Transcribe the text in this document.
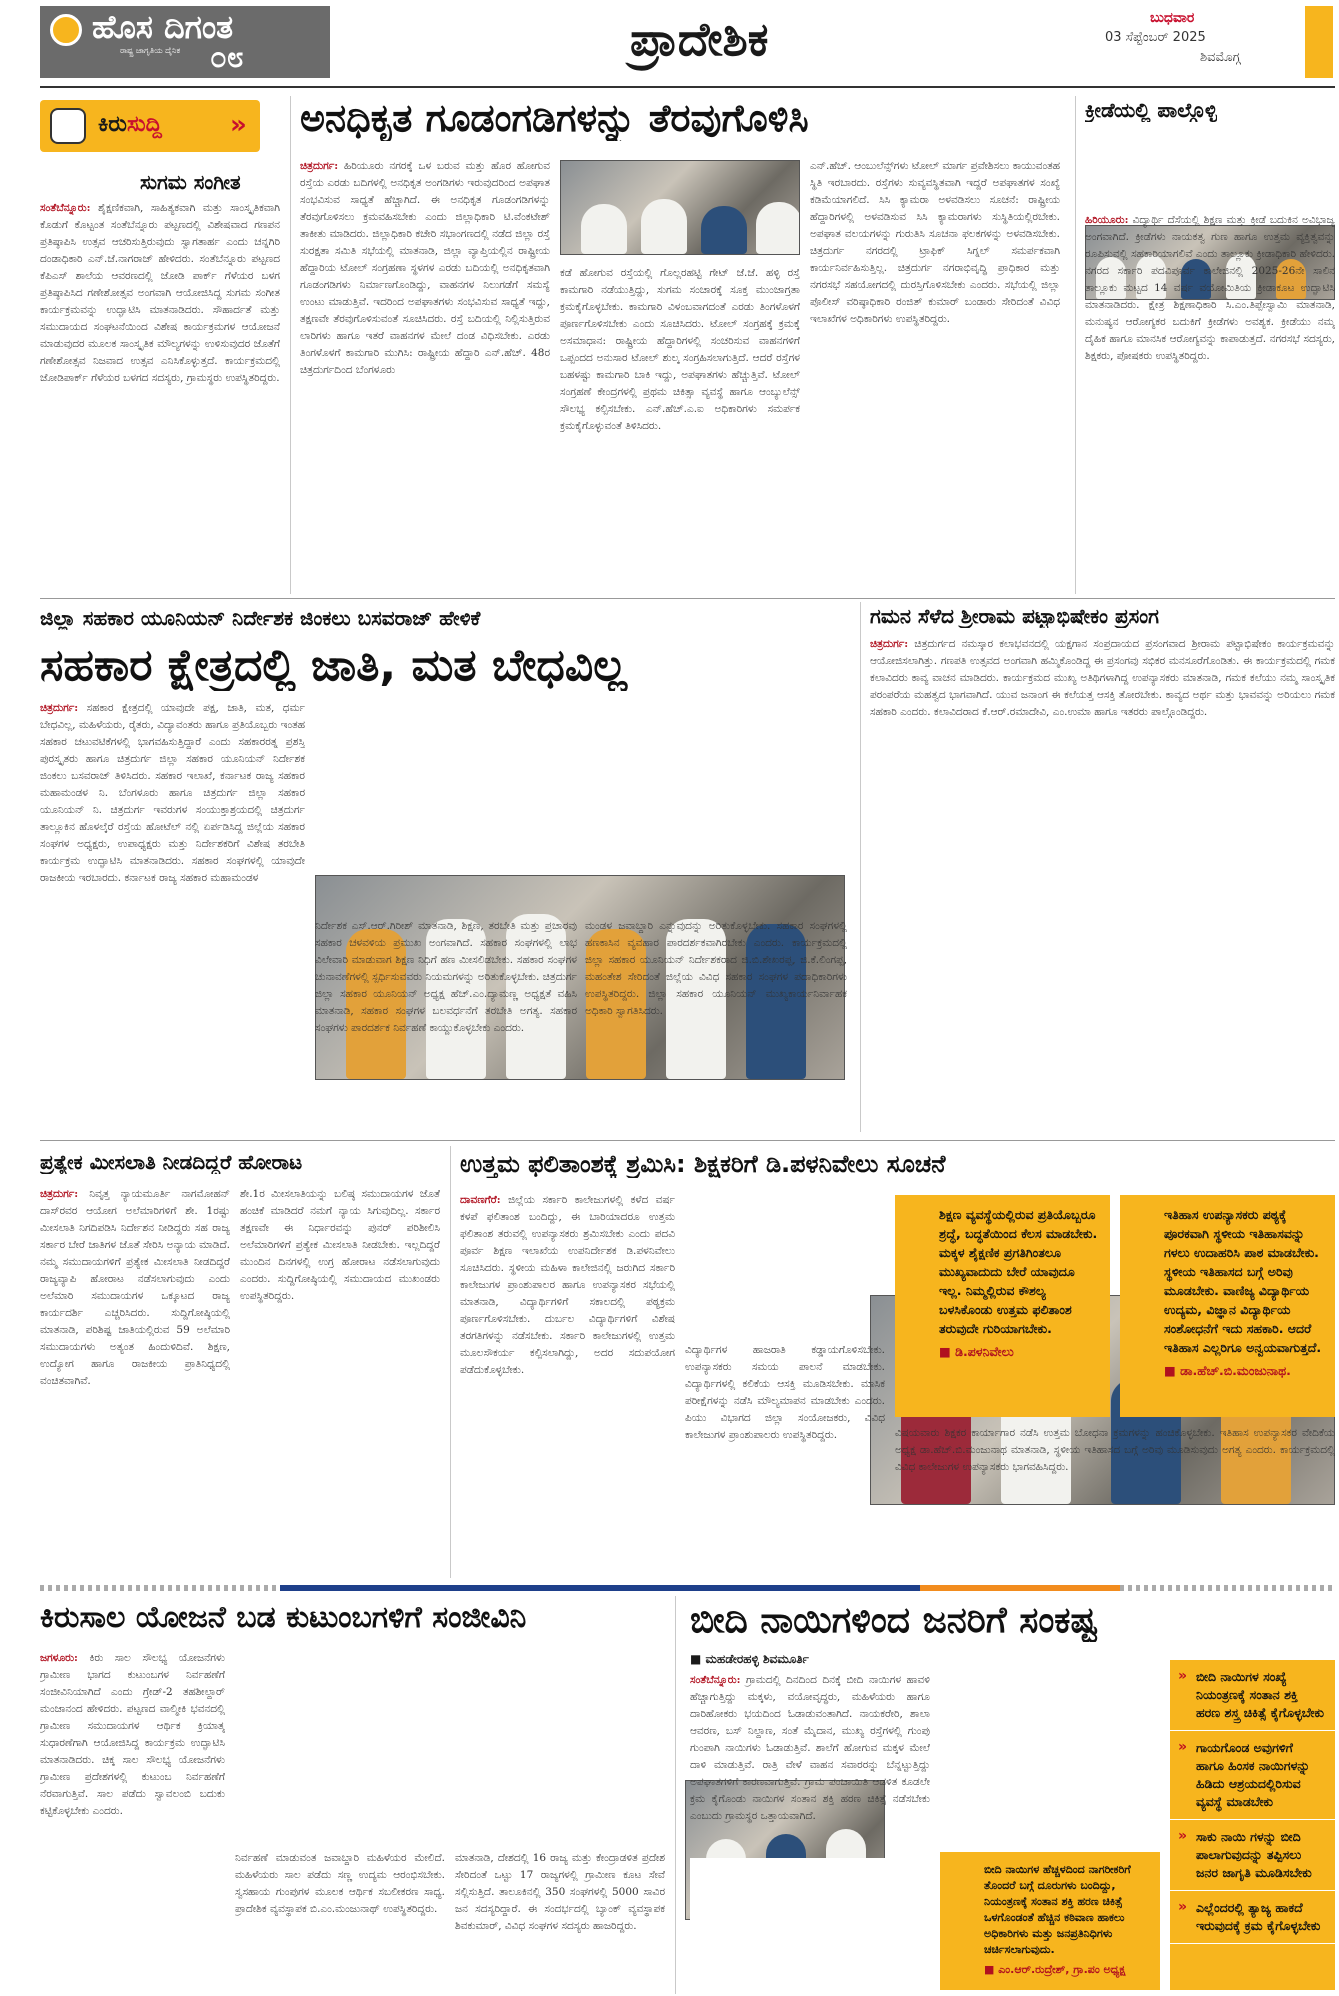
ಹೊಸ ದಿಗಂತ
ರಾಷ್ಟ್ರ ಜಾಗೃತಿಯ ದೈನಿಕ ೦೮	ಪ್ರಾದೇಶಿಕ	ಬುಧವಾರ
03 ಸೆಪ್ಟೆಂಬರ್ 2025
ಶಿವಮೊಗ್ಗ
ಕಿರುಸುದ್ದಿ	»
ಸುಗಮ ಸಂಗೀತ
ಸಂತೆಬೆನ್ನೂರು: ಶೈಕ್ಷಣಿಕವಾಗಿ, ಸಾಹಿತ್ಯಕವಾಗಿ ಮತ್ತು ಸಾಂಸ್ಕೃತಿಕವಾಗಿ ಕೊಡುಗೆ ಕೊಟ್ಟಂತ ಸಂತೆಬೆನ್ನೂರು ಪಟ್ಟಣದಲ್ಲಿ ವಿಶೇಷವಾದ ಗಣಪನ ಪ್ರತಿಷ್ಠಾಪಿಸಿ ಉತ್ಸವ ಆಚರಿಸುತ್ತಿರುವುದು ಸ್ವಾಗತಾರ್ಹ ಎಂದು ಚನ್ನಗಿರಿ ದಂಡಾಧಿಕಾರಿ ಎನ್.ಜೆ.ನಾಗರಾಜ್ ಹೇಳಿದರು. ಸಂತೆಬೆನ್ನೂರು ಪಟ್ಟಣದ ಕೆಪಿಎಸ್ ಶಾಲೆಯ ಆವರಣದಲ್ಲಿ ಜೋಡಿ ಪಾರ್ಕ್ ಗೆಳೆಯರ ಬಳಗ ಪ್ರತಿಷ್ಠಾಪಿಸಿದ ಗಣೇಶೋತ್ಸವ ಅಂಗವಾಗಿ ಆಯೋಜಿಸಿದ್ದ ಸುಗಮ ಸಂಗೀತ ಕಾರ್ಯಕ್ರಮವನ್ನು ಉದ್ಘಾಟಿಸಿ ಮಾತನಾಡಿದರು. ಸೌಹಾರ್ದತೆ ಮತ್ತು ಸಮುದಾಯದ ಸಂಘಟನೆಯಿಂದ ವಿಶೇಷ ಕಾರ್ಯಕ್ರಮಗಳ ಆಯೋಜನೆ ಮಾಡುವುದರ ಮೂಲಕ ಸಾಂಸ್ಕೃತಿಕ ಮೌಲ್ಯಗಳನ್ನು ಉಳಿಸುವುದರ ಜೊತೆಗೆ ಗಣೇಶೋತ್ಸವ ನಿಜವಾದ ಉತ್ಸವ ಎನಿಸಿಕೊಳ್ಳುತ್ತದೆ. ಕಾರ್ಯಕ್ರಮದಲ್ಲಿ ಜೋಡಿಪಾರ್ಕ್ ಗೆಳೆಯರ ಬಳಗದ ಸದಸ್ಯರು, ಗ್ರಾಮಸ್ಥರು ಉಪಸ್ಥಿತರಿದ್ದರು.
ಅನಧಿಕೃತ ಗೂಡಂಗಡಿಗಳನ್ನು ತೆರವುಗೊಳಿಸಿ
ಚಿತ್ರದುರ್ಗ: ಹಿರಿಯೂರು ನಗರಕ್ಕೆ ಒಳ ಬರುವ ಮತ್ತು ಹೊರ ಹೋಗುವ ರಸ್ತೆಯ ಎರಡು ಬದಿಗಳಲ್ಲಿ ಅನಧಿಕೃತ ಅಂಗಡಿಗಳು ಇರುವುದರಿಂದ ಅಪಘಾತ ಸಂಭವಿಸುವ ಸಾಧ್ಯತೆ ಹೆಚ್ಚಾಗಿದೆ. ಈ ಅನಧಿಕೃತ ಗೂಡಂಗಡಿಗಳನ್ನು ತೆರವುಗೊಳಿಸಲು ಕ್ರಮವಹಿಸಬೇಕು ಎಂದು ಜಿಲ್ಲಾಧಿಕಾರಿ ಟಿ.ವೆಂಕಟೇಶ್ ತಾಕೀತು ಮಾಡಿದರು. ಜಿಲ್ಲಾಧಿಕಾರಿ ಕಚೇರಿ ಸಭಾಂಗಣದಲ್ಲಿ ನಡೆದ ಜಿಲ್ಲಾ ರಸ್ತೆ ಸುರಕ್ಷತಾ ಸಮಿತಿ ಸಭೆಯಲ್ಲಿ ಮಾತನಾಡಿ, ಜಿಲ್ಲಾ ವ್ಯಾಪ್ತಿಯಲ್ಲಿನ ರಾಷ್ಟ್ರೀಯ ಹೆದ್ದಾರಿಯ ಟೋಲ್ ಸಂಗ್ರಹಣಾ ಸ್ಥಳಗಳ ಎರಡು ಬದಿಯಲ್ಲಿ ಅನಧಿಕೃತವಾಗಿ ಗೂಡಂಗಡಿಗಳು ನಿರ್ಮಾಣಗೊಂಡಿದ್ದು, ವಾಹನಗಳ ನಿಲುಗಡೆಗೆ ಸಮಸ್ಯೆ ಉಂಟು ಮಾಡುತ್ತಿವೆ. ಇದರಿಂದ ಅಪಘಾತಗಳು ಸಂಭವಿಸುವ ಸಾಧ್ಯತೆ ಇದ್ದು, ತಕ್ಷಣವೇ ತೆರವುಗೊಳಿಸುವಂತೆ ಸೂಚಿಸಿದರು. ರಸ್ತೆ ಬದಿಯಲ್ಲಿ ನಿಲ್ಲಿಸುತ್ತಿರುವ ಲಾರಿಗಳು ಹಾಗೂ ಇತರೆ ವಾಹನಗಳ ಮೇಲೆ ದಂಡ ವಿಧಿಸಬೇಕು. ಎರಡು ತಿಂಗಳೊಳಗೆ ಕಾಮಗಾರಿ ಮುಗಿಸಿ: ರಾಷ್ಟ್ರೀಯ ಹೆದ್ದಾರಿ ಎನ್.ಹೆಚ್. 48ರ ಚಿತ್ರದುರ್ಗದಿಂದ ಬೆಂಗಳೂರು
ಕಡೆ ಹೋಗುವ ರಸ್ತೆಯಲ್ಲಿ ಗೊಲ್ಲರಹಟ್ಟಿ ಗೇಟ್ ಜೆ.ಜೆ. ಹಳ್ಳಿ ರಸ್ತೆ ಕಾಮಗಾರಿ ನಡೆಯುತ್ತಿದ್ದು, ಸುಗಮ ಸಂಚಾರಕ್ಕೆ ಸೂಕ್ತ ಮುಂಜಾಗ್ರತಾ ಕ್ರಮಕೈಗೊಳ್ಳಬೇಕು. ಕಾಮಗಾರಿ ವಿಳಂಬವಾಗದಂತೆ ಎರಡು ತಿಂಗಳೊಳಗೆ ಪೂರ್ಣಗೊಳಿಸಬೇಕು ಎಂದು ಸೂಚಿಸಿದರು. ಟೋಲ್ ಸಂಗ್ರಹಕ್ಕೆ ಕ್ರಮಕ್ಕೆ ಅಸಮಾಧಾನ: ರಾಷ್ಟ್ರೀಯ ಹೆದ್ದಾರಿಗಳಲ್ಲಿ ಸಂಚರಿಸುವ ವಾಹನಗಳಿಗೆ ಒಪ್ಪಂದದ ಅನುಸಾರ ಟೋಲ್ ಶುಲ್ಕ ಸಂಗ್ರಹಿಸಲಾಗುತ್ತಿದೆ. ಆದರೆ ರಸ್ತೆಗಳ ಬಹಳಷ್ಟು ಕಾಮಗಾರಿ ಬಾಕಿ ಇದ್ದು, ಅಪಘಾತಗಳು ಹೆಚ್ಚುತ್ತಿವೆ. ಟೋಲ್ ಸಂಗ್ರಹಣೆ ಕೇಂದ್ರಗಳಲ್ಲಿ ಪ್ರಥಮ ಚಿಕಿತ್ಸಾ ವ್ಯವಸ್ಥೆ ಹಾಗೂ ಆಂಬ್ಯುಲೆನ್ಸ್ ಸೌಲಭ್ಯ ಕಲ್ಪಿಸಬೇಕು. ಎನ್.ಹೆಚ್.ಎ.ಐ ಅಧಿಕಾರಿಗಳು ಸಮರ್ಪಕ ಕ್ರಮಕೈಗೊಳ್ಳುವಂತೆ ತಿಳಿಸಿದರು.
ಎನ್.ಹೆಚ್. ಆಂಬುಲೆನ್ಸ್‌ಗಳು ಟೋಲ್ ಮಾರ್ಗ ಪ್ರವೇಶಿಸಲು ಕಾಯುವಂತಹ ಸ್ಥಿತಿ ಇರಬಾರದು. ರಸ್ತೆಗಳು ಸುವ್ಯವಸ್ಥಿತವಾಗಿ ಇದ್ದರೆ ಅಪಘಾತಗಳ ಸಂಖ್ಯೆ ಕಡಿಮೆಯಾಗಲಿದೆ. ಸಿಸಿ ಕ್ಯಾಮರಾ ಅಳವಡಿಸಲು ಸೂಚನೆ: ರಾಷ್ಟ್ರೀಯ ಹೆದ್ದಾರಿಗಳಲ್ಲಿ ಅಳವಡಿಸುವ ಸಿಸಿ ಕ್ಯಾಮರಾಗಳು ಸುಸ್ಥಿತಿಯಲ್ಲಿರಬೇಕು. ಅಪಘಾತ ವಲಯಗಳನ್ನು ಗುರುತಿಸಿ ಸೂಚನಾ ಫಲಕಗಳನ್ನು ಅಳವಡಿಸಬೇಕು. ಚಿತ್ರದುರ್ಗ ನಗರದಲ್ಲಿ ಟ್ರಾಫಿಕ್ ಸಿಗ್ನಲ್ ಸಮರ್ಪಕವಾಗಿ ಕಾರ್ಯನಿರ್ವಹಿಸುತ್ತಿಲ್ಲ. ಚಿತ್ರದುರ್ಗ ನಗರಾಭಿವೃದ್ಧಿ ಪ್ರಾಧಿಕಾರ ಮತ್ತು ನಗರಸಭೆ ಸಹಯೋಗದಲ್ಲಿ ದುರಸ್ತಿಗೊಳಿಸಬೇಕು ಎಂದರು. ಸಭೆಯಲ್ಲಿ ಜಿಲ್ಲಾ ಪೊಲೀಸ್ ವರಿಷ್ಠಾಧಿಕಾರಿ ರಂಜಿತ್ ಕುಮಾರ್ ಬಂಡಾರು ಸೇರಿದಂತೆ ವಿವಿಧ ಇಲಾಖೆಗಳ ಅಧಿಕಾರಿಗಳು ಉಪಸ್ಥಿತರಿದ್ದರು.
ಕ್ರೀಡೆಯಲ್ಲಿ ಪಾಲ್ಗೊಳ್ಳಿ
ಹಿರಿಯೂರು: ವಿದ್ಯಾರ್ಥಿ ದೆಸೆಯಲ್ಲಿ ಶಿಕ್ಷಣ ಮತ್ತು ಕ್ರೀಡೆ ಬದುಕಿನ ಅವಿಭಾಜ್ಯ ಅಂಗವಾಗಿದೆ. ಕ್ರೀಡೆಗಳು ನಾಯಕತ್ವ ಗುಣ ಹಾಗೂ ಉತ್ತಮ ವ್ಯಕ್ತಿತ್ವವನ್ನು ರೂಪಿಸುವಲ್ಲಿ ಸಹಕಾರಿಯಾಗಲಿವೆ ಎಂದು ತಾಲ್ಲೂಕು ಕ್ರೀಡಾಧಿಕಾರಿ ಹೇಳಿದರು. ನಗರದ ಸರ್ಕಾರಿ ಪದವಿಪೂರ್ವ ಕಾಲೇಜಿನಲ್ಲಿ 2025-26ನೇ ಸಾಲಿನ ತಾಲ್ಲೂಕು ಮಟ್ಟದ 14 ವರ್ಷ ವಯೋಮಿತಿಯ ಕ್ರೀಡಾಕೂಟ ಉದ್ಘಾಟಿಸಿ ಮಾತನಾಡಿದರು. ಕ್ಷೇತ್ರ ಶಿಕ್ಷಣಾಧಿಕಾರಿ ಸಿ.ಎಂ.ತಿಪ್ಪೇಸ್ವಾಮಿ ಮಾತನಾಡಿ, ಮನುಷ್ಯನ ಆರೋಗ್ಯಕರ ಬದುಕಿಗೆ ಕ್ರೀಡೆಗಳು ಅವಶ್ಯಕ. ಕ್ರೀಡೆಯು ನಮ್ಮ ದೈಹಿಕ ಹಾಗೂ ಮಾನಸಿಕ ಆರೋಗ್ಯವನ್ನು ಕಾಪಾಡುತ್ತದೆ. ನಗರಸಭೆ ಸದಸ್ಯರು, ಶಿಕ್ಷಕರು, ಪೋಷಕರು ಉಪಸ್ಥಿತರಿದ್ದರು.
ಜಿಲ್ಲಾ ಸಹಕಾರ ಯೂನಿಯನ್ ನಿರ್ದೇಶಕ ಜಿಂಕಲು ಬಸವರಾಜ್ ಹೇಳಿಕೆ
ಸಹಕಾರ ಕ್ಷೇತ್ರದಲ್ಲಿ ಜಾತಿ, ಮತ ಬೇಧವಿಲ್ಲ
ಚಿತ್ರದುರ್ಗ: ಸಹಕಾರ ಕ್ಷೇತ್ರದಲ್ಲಿ ಯಾವುದೇ ಪಕ್ಷ, ಜಾತಿ, ಮತ, ಧರ್ಮ ಬೇಧವಿಲ್ಲ, ಮಹಿಳೆಯರು, ರೈತರು, ವಿದ್ಯಾವಂತರು ಹಾಗೂ ಪ್ರತಿಯೊಬ್ಬರು ಇಂತಹ ಸಹಕಾರ ಚಟುವಟಿಕೆಗಳಲ್ಲಿ ಭಾಗವಹಿಸುತ್ತಿದ್ದಾರೆ ಎಂದು ಸಹಕಾರರತ್ನ ಪ್ರಶಸ್ತಿ ಪುರಸ್ಕೃತರು ಹಾಗೂ ಚಿತ್ರದುರ್ಗ ಜಿಲ್ಲಾ ಸಹಕಾರ ಯೂನಿಯನ್ ನಿರ್ದೇಶಕ ಜಿಂಕಲು ಬಸವರಾಜ್ ತಿಳಿಸಿದರು. ಸಹಕಾರ ಇಲಾಖೆ, ಕರ್ನಾಟಕ ರಾಜ್ಯ ಸಹಕಾರ ಮಹಾಮಂಡಳ ನಿ. ಬೆಂಗಳೂರು ಹಾಗೂ ಚಿತ್ರದುರ್ಗ ಜಿಲ್ಲಾ ಸಹಕಾರ ಯೂನಿಯನ್ ನಿ. ಚಿತ್ರದುರ್ಗ ಇವರುಗಳ ಸಂಯುಕ್ತಾಶ್ರಯದಲ್ಲಿ ಚಿತ್ರದುರ್ಗ ತಾಲ್ಲೂಕಿನ ಹೊಳಲ್ಕೆರೆ ರಸ್ತೆಯ ಹೋಟೆಲ್ ನಲ್ಲಿ ಏರ್ಪಡಿಸಿದ್ದ ಜಿಲ್ಲೆಯ ಸಹಕಾರ ಸಂಘಗಳ ಅಧ್ಯಕ್ಷರು, ಉಪಾಧ್ಯಕ್ಷರು ಮತ್ತು ನಿರ್ದೇಶಕರಿಗೆ ವಿಶೇಷ ತರಬೇತಿ ಕಾರ್ಯಕ್ರಮ ಉದ್ಘಾಟಿಸಿ ಮಾತನಾಡಿದರು. ಸಹಕಾರ ಸಂಘಗಳಲ್ಲಿ ಯಾವುದೇ ರಾಜಕೀಯ ಇರಬಾರದು. ಕರ್ನಾಟಕ ರಾಜ್ಯ ಸಹಕಾರ ಮಹಾಮಂಡಳ
ನಿರ್ದೇಶಕ ಎಸ್.ಆರ್.ಗಿರೀಶ್ ಮಾತನಾಡಿ, ಶಿಕ್ಷಣ, ತರಬೇತಿ ಮತ್ತು ಪ್ರಚಾರವು ಸಹಕಾರ ಚಳವಳಿಯ ಪ್ರಮುಖ ಅಂಗವಾಗಿದೆ. ಸಹಕಾರ ಸಂಘಗಳಲ್ಲಿ ಲಾಭ ವಿಲೇವಾರಿ ಮಾಡುವಾಗ ಶಿಕ್ಷಣ ನಿಧಿಗೆ ಹಣ ಮೀಸಲಿಡಬೇಕು. ಸಹಕಾರ ಸಂಘಗಳ ಚುನಾವಣೆಗಳಲ್ಲಿ ಸ್ಪರ್ಧಿಸುವವರು ನಿಯಮಗಳನ್ನು ಅರಿತುಕೊಳ್ಳಬೇಕು. ಚಿತ್ರದುರ್ಗ ಜಿಲ್ಲಾ ಸಹಕಾರ ಯೂನಿಯನ್ ಅಧ್ಯಕ್ಷ ಹೆಚ್.ಎಂ.ದ್ಯಾಮಣ್ಣ ಅಧ್ಯಕ್ಷತೆ ವಹಿಸಿ ಮಾತನಾಡಿ, ಸಹಕಾರ ಸಂಘಗಳ ಬಲವರ್ಧನೆಗೆ ತರಬೇತಿ ಅಗತ್ಯ. ಸಹಕಾರ ಸಂಘಗಳು ಪಾರದರ್ಶಕ ನಿರ್ವಹಣೆ ಕಾಯ್ದುಕೊಳ್ಳಬೇಕು ಎಂದರು.
ಮಂಡಳ ಜವಾಬ್ದಾರಿ ಎನ್ನುವುದನ್ನು ಅರಿತುಕೊಳ್ಳಬೇಕು. ಸಹಕಾರ ಸಂಘಗಳಲ್ಲಿ ಹಣಕಾಸಿನ ವ್ಯವಹಾರ ಪಾರದರ್ಶಕವಾಗಿರಬೇಕು ಎಂದರು. ಕಾರ್ಯಕ್ರಮದಲ್ಲಿ ಜಿಲ್ಲಾ ಸಹಕಾರ ಯೂನಿಯನ್ ನಿರ್ದೇಶಕರಾದ ಜಿ.ಬಿ.ಶೇಖರಪ್ಪ, ಜಿ.ಕೆ.ಲಿಂಗಪ್ಪ, ಮಹಂತೇಶ ಸೇರಿದಂತೆ ಜಿಲ್ಲೆಯ ವಿವಿಧ ಸಹಕಾರ ಸಂಘಗಳ ಪದಾಧಿಕಾರಿಗಳು ಉಪಸ್ಥಿತರಿದ್ದರು. ಜಿಲ್ಲಾ ಸಹಕಾರ ಯೂನಿಯನ್ ಮುಖ್ಯಕಾರ್ಯನಿರ್ವಾಹಕ ಅಧಿಕಾರಿ ಸ್ವಾಗತಿಸಿದರು.
ಗಮನ ಸೆಳೆದ ಶ್ರೀರಾಮ ಪಟ್ಟಾಭಿಷೇಕಂ ಪ್ರಸಂಗ
ಚಿತ್ರದುರ್ಗ: ಚಿತ್ರದುರ್ಗದ ನಮಸ್ಕಾರ ಕಲಾಭವನದಲ್ಲಿ ಯಕ್ಷಗಾನ ಸಂಪ್ರದಾಯದ ಪ್ರಸಂಗವಾದ ಶ್ರೀರಾಮ ಪಟ್ಟಾಭಿಷೇಕಂ ಕಾರ್ಯಕ್ರಮವನ್ನು ಆಯೋಜಿಸಲಾಗಿತ್ತು. ಗಣಪತಿ ಉತ್ಸವದ ಅಂಗವಾಗಿ ಹಮ್ಮಿಕೊಂಡಿದ್ದ ಈ ಪ್ರಸಂಗವು ಸಭಿಕರ ಮನಸೂರೆಗೊಂಡಿತು. ಈ ಕಾರ್ಯಕ್ರಮದಲ್ಲಿ ಗಮಕ ಕಲಾವಿದರು ಕಾವ್ಯ ವಾಚನ ಮಾಡಿದರು. ಕಾರ್ಯಕ್ರಮದ ಮುಖ್ಯ ಅತಿಥಿಗಳಾಗಿದ್ದ ಉಪನ್ಯಾಸಕರು ಮಾತನಾಡಿ, ಗಮಕ ಕಲೆಯು ನಮ್ಮ ಸಾಂಸ್ಕೃತಿಕ ಪರಂಪರೆಯ ಮಹತ್ವದ ಭಾಗವಾಗಿದೆ. ಯುವ ಜನಾಂಗ ಈ ಕಲೆಯತ್ತ ಆಸಕ್ತಿ ತೋರಬೇಕು. ಕಾವ್ಯದ ಅರ್ಥ ಮತ್ತು ಭಾವವನ್ನು ಅರಿಯಲು ಗಮಕ ಸಹಕಾರಿ ಎಂದರು. ಕಲಾವಿದರಾದ ಕೆ.ಆರ್.ರಮಾದೇವಿ, ಎಂ.ಉಮಾ ಹಾಗೂ ಇತರರು ಪಾಲ್ಗೊಂಡಿದ್ದರು.
ಪ್ರತ್ಯೇಕ ಮೀಸಲಾತಿ ನೀಡದಿದ್ದರೆ ಹೋರಾಟ
ಚಿತ್ರದುರ್ಗ: ನಿವೃತ್ತ ನ್ಯಾಯಮೂರ್ತಿ ನಾಗಮೋಹನ್ ದಾಸ್‌ರವರ ಆಯೋಗ ಅಲೆಮಾರಿಗಳಿಗೆ ಶೇ. 1ರಷ್ಟು ಮೀಸಲಾತಿ ನಿಗದಿಪಡಿಸಿ ನಿರ್ದೇಶನ ನೀಡಿದ್ದರು ಸಹ ರಾಜ್ಯ ಸರ್ಕಾರ ಬೇರೆ ಜಾತಿಗಳ ಜೊತೆ ಸೇರಿಸಿ ಅನ್ಯಾಯ ಮಾಡಿದೆ. ನಮ್ಮ ಸಮುದಾಯಗಳಿಗೆ ಪ್ರತ್ಯೇಕ ಮೀಸಲಾತಿ ನೀಡದಿದ್ದರೆ ರಾಜ್ಯವ್ಯಾಪಿ ಹೋರಾಟ ನಡೆಸಲಾಗುವುದು ಎಂದು ಅಲೆಮಾರಿ ಸಮುದಾಯಗಳ ಒಕ್ಕೂಟದ ರಾಜ್ಯ ಕಾರ್ಯದರ್ಶಿ ಎಚ್ಚರಿಸಿದರು. ಸುದ್ದಿಗೋಷ್ಠಿಯಲ್ಲಿ ಮಾತನಾಡಿ, ಪರಿಶಿಷ್ಟ ಜಾತಿಯಲ್ಲಿರುವ 59 ಅಲೆಮಾರಿ ಸಮುದಾಯಗಳು ಅತ್ಯಂತ ಹಿಂದುಳಿದಿವೆ. ಶಿಕ್ಷಣ, ಉದ್ಯೋಗ ಹಾಗೂ ರಾಜಕೀಯ ಪ್ರಾತಿನಿಧ್ಯದಲ್ಲಿ ವಂಚಿತವಾಗಿವೆ.
ಶೇ.1ರ ಮೀಸಲಾತಿಯನ್ನು ಬಲಿಷ್ಠ ಸಮುದಾಯಗಳ ಜೊತೆ ಹಂಚಿಕೆ ಮಾಡಿದರೆ ನಮಗೆ ನ್ಯಾಯ ಸಿಗುವುದಿಲ್ಲ. ಸರ್ಕಾರ ತಕ್ಷಣವೇ ಈ ನಿರ್ಧಾರವನ್ನು ಪುನರ್ ಪರಿಶೀಲಿಸಿ ಅಲೆಮಾರಿಗಳಿಗೆ ಪ್ರತ್ಯೇಕ ಮೀಸಲಾತಿ ನೀಡಬೇಕು. ಇಲ್ಲದಿದ್ದರೆ ಮುಂದಿನ ದಿನಗಳಲ್ಲಿ ಉಗ್ರ ಹೋರಾಟ ನಡೆಸಲಾಗುವುದು ಎಂದರು. ಸುದ್ದಿಗೋಷ್ಠಿಯಲ್ಲಿ ಸಮುದಾಯದ ಮುಖಂಡರು ಉಪಸ್ಥಿತರಿದ್ದರು.
ಉತ್ತಮ ಫಲಿತಾಂಶಕ್ಕೆ ಶ್ರಮಿಸಿ: ಶಿಕ್ಷಕರಿಗೆ ಡಿ.ಪಳನಿವೇಲು ಸೂಚನೆ
ದಾವಣಗೆರೆ: ಜಿಲ್ಲೆಯ ಸರ್ಕಾರಿ ಕಾಲೇಜುಗಳಲ್ಲಿ ಕಳೆದ ವರ್ಷ ಕಳಪೆ ಫಲಿತಾಂಶ ಬಂದಿದ್ದು, ಈ ಬಾರಿಯಾದರೂ ಉತ್ತಮ ಫಲಿತಾಂಶ ತರುವಲ್ಲಿ ಉಪನ್ಯಾಸಕರು ಶ್ರಮಿಸಬೇಕು ಎಂದು ಪದವಿ ಪೂರ್ವ ಶಿಕ್ಷಣ ಇಲಾಖೆಯ ಉಪನಿರ್ದೇಶಕ ಡಿ.ಪಳನಿವೇಲು ಸೂಚಿಸಿದರು. ಸ್ಥಳೀಯ ಮಹಿಳಾ ಕಾಲೇಜಿನಲ್ಲಿ ಜರುಗಿದ ಸರ್ಕಾರಿ ಕಾಲೇಜುಗಳ ಪ್ರಾಂಶುಪಾಲರ ಹಾಗೂ ಉಪನ್ಯಾಸಕರ ಸಭೆಯಲ್ಲಿ ಮಾತನಾಡಿ, ವಿದ್ಯಾರ್ಥಿಗಳಿಗೆ ಸಕಾಲದಲ್ಲಿ ಪಠ್ಯಕ್ರಮ ಪೂರ್ಣಗೊಳಿಸಬೇಕು. ದುರ್ಬಲ ವಿದ್ಯಾರ್ಥಿಗಳಿಗೆ ವಿಶೇಷ ತರಗತಿಗಳನ್ನು ನಡೆಸಬೇಕು. ಸರ್ಕಾರಿ ಕಾಲೇಜುಗಳಲ್ಲಿ ಉತ್ತಮ ಮೂಲಸೌಕರ್ಯ ಕಲ್ಪಿಸಲಾಗಿದ್ದು, ಅದರ ಸದುಪಯೋಗ ಪಡೆದುಕೊಳ್ಳಬೇಕು.
ವಿದ್ಯಾರ್ಥಿಗಳ ಹಾಜರಾತಿ ಕಡ್ಡಾಯಗೊಳಿಸಬೇಕು. ಉಪನ್ಯಾಸಕರು ಸಮಯ ಪಾಲನೆ ಮಾಡಬೇಕು. ವಿದ್ಯಾರ್ಥಿಗಳಲ್ಲಿ ಕಲಿಕೆಯ ಆಸಕ್ತಿ ಮೂಡಿಸಬೇಕು. ಮಾಸಿಕ ಪರೀಕ್ಷೆಗಳನ್ನು ನಡೆಸಿ ಮೌಲ್ಯಮಾಪನ ಮಾಡಬೇಕು ಎಂದರು. ಪಿಯು ವಿಭಾಗದ ಜಿಲ್ಲಾ ಸಂಯೋಜಕರು, ವಿವಿಧ ಕಾಲೇಜುಗಳ ಪ್ರಾಂಶುಪಾಲರು ಉಪಸ್ಥಿತರಿದ್ದರು.
ಶಿಕ್ಷಣ ವ್ಯವಸ್ಥೆಯಲ್ಲಿರುವ ಪ್ರತಿಯೊಬ್ಬರೂ ಶ್ರದ್ಧೆ, ಬದ್ಧತೆಯಿಂದ ಕೆಲಸ ಮಾಡಬೇಕು. ಮಕ್ಕಳ ಶೈಕ್ಷಣಿಕ ಪ್ರಗತಿಗಿಂತಲೂ ಮುಖ್ಯವಾದುದು ಬೇರೆ ಯಾವುದೂ ಇಲ್ಲ. ನಿಮ್ಮಲ್ಲಿರುವ ಕೌಶಲ್ಯ ಬಳಸಿಕೊಂಡು ಉತ್ತಮ ಫಲಿತಾಂಶ ತರುವುದೇ ಗುರಿಯಾಗಬೇಕು.
■ ಡಿ.ಪಳನಿವೇಲು
ಇತಿಹಾಸ ಉಪನ್ಯಾಸಕರು ಪಠ್ಯಕ್ಕೆ ಪೂರಕವಾಗಿ ಸ್ಥಳೀಯ ಇತಿಹಾಸವನ್ನು ಗಳಲು ಉದಾಹರಿಸಿ ಪಾಠ ಮಾಡಬೇಕು. ಸ್ಥಳೀಯ ಇತಿಹಾಸದ ಬಗ್ಗೆ ಅರಿವು ಮೂಡಬೇಕು. ವಾಣಿಜ್ಯ ವಿದ್ಯಾರ್ಥಿಯ ಉದ್ಯಮ, ವಿಜ್ಞಾನ ವಿದ್ಯಾರ್ಥಿಯ ಸಂಶೋಧನೆಗೆ ಇದು ಸಹಕಾರಿ. ಆದರೆ ಇತಿಹಾಸ ಎಲ್ಲರಿಗೂ ಅನ್ವಯವಾಗುತ್ತದೆ.
■ ಡಾ.ಹೆಚ್.ಬಿ.ಮಂಜುನಾಥ.
ವಿಷಯವಾರು ಶಿಕ್ಷಕರ ಕಾರ್ಯಾಗಾರ ನಡೆಸಿ ಉತ್ತಮ ಬೋಧನಾ ಕ್ರಮಗಳನ್ನು ಹಂಚಿಕೊಳ್ಳಬೇಕು. ಇತಿಹಾಸ ಉಪನ್ಯಾಸಕರ ವೇದಿಕೆಯ ಅಧ್ಯಕ್ಷ ಡಾ.ಹೆಚ್.ಬಿ.ಮಂಜುನಾಥ ಮಾತನಾಡಿ, ಸ್ಥಳೀಯ ಇತಿಹಾಸದ ಬಗ್ಗೆ ಅರಿವು ಮೂಡಿಸುವುದು ಅಗತ್ಯ ಎಂದರು. ಕಾರ್ಯಕ್ರಮದಲ್ಲಿ ವಿವಿಧ ಕಾಲೇಜುಗಳ ಉಪನ್ಯಾಸಕರು ಭಾಗವಹಿಸಿದ್ದರು.
ಕಿರುಸಾಲ ಯೋಜನೆ ಬಡ ಕುಟುಂಬಗಳಿಗೆ ಸಂಜೀವಿನಿ
ಜಗಳೂರು: ಕಿರು ಸಾಲ ಸೌಲಭ್ಯ ಯೋಜನೆಗಳು ಗ್ರಾಮೀಣ ಭಾಗದ ಕುಟುಂಬಗಳ ನಿರ್ವಹಣೆಗೆ ಸಂಜೀವಿನಿಯಾಗಿದೆ ಎಂದು ಗ್ರೇಡ್-2 ತಹಶೀಲ್ದಾರ್ ಮಂಜಾನಂದ ಹೇಳಿದರು. ಪಟ್ಟಣದ ವಾಲ್ಮೀಕಿ ಭವನದಲ್ಲಿ ಗ್ರಾಮೀಣ ಸಮುದಾಯಗಳ ಆರ್ಥಿಕ ಕ್ರಿಯಾತ್ಮ ಸುಧಾರಣೆಗಾಗಿ ಆಯೋಜಿಸಿದ್ದ ಕಾರ್ಯಕ್ರಮ ಉದ್ಘಾಟಿಸಿ ಮಾತನಾಡಿದರು. ಚಿಕ್ಕ ಸಾಲ ಸೌಲಭ್ಯ ಯೋಜನೆಗಳು ಗ್ರಾಮೀಣ ಪ್ರದೇಶಗಳಲ್ಲಿ ಕುಟುಂಬ ನಿರ್ವಹಣೆಗೆ ನೆರವಾಗುತ್ತಿವೆ. ಸಾಲ ಪಡೆದು ಸ್ವಾವಲಂಬಿ ಬದುಕು ಕಟ್ಟಿಕೊಳ್ಳಬೇಕು ಎಂದರು.
ನಿರ್ವಹಣೆ ಮಾಡುವಂತ ಜವಾಬ್ದಾರಿ ಮಹಿಳೆಯರ ಮೇಲಿದೆ. ಮಹಿಳೆಯರು ಸಾಲ ಪಡೆದು ಸಣ್ಣ ಉದ್ಯಮ ಆರಂಭಿಸಬೇಕು. ಸ್ವಸಹಾಯ ಗುಂಪುಗಳ ಮೂಲಕ ಆರ್ಥಿಕ ಸಬಲೀಕರಣ ಸಾಧ್ಯ. ಪ್ರಾದೇಶಿಕ ವ್ಯವಸ್ಥಾಪಕ ಬಿ.ಎಂ.ಮಂಜುನಾಥ್ ಉಪಸ್ಥಿತರಿದ್ದರು.
ಮಾತನಾಡಿ, ದೇಶದಲ್ಲಿ 16 ರಾಜ್ಯ ಮತ್ತು ಕೇಂದ್ರಾಡಳಿತ ಪ್ರದೇಶ ಸೇರಿದಂತೆ ಒಟ್ಟು 17 ರಾಜ್ಯಗಳಲ್ಲಿ ಗ್ರಾಮೀಣ ಕೂಟ ಸೇವೆ ಸಲ್ಲಿಸುತ್ತಿದೆ. ತಾಲೂಕಿನಲ್ಲಿ 350 ಸಂಘಗಳಲ್ಲಿ 5000 ಸಾವಿರ ಜನ ಸದಸ್ಯರಿದ್ದಾರೆ. ಈ ಸಂದರ್ಭದಲ್ಲಿ ಬ್ಯಾಂಕ್ ವ್ಯವಸ್ಥಾಪಕ ಶಿವಕುಮಾರ್, ವಿವಿಧ ಸಂಘಗಳ ಸದಸ್ಯರು ಹಾಜರಿದ್ದರು.
ಬೀದಿ ನಾಯಿಗಳಿಂದ ಜನರಿಗೆ ಸಂಕಷ್ಟ
■ ಮಹಡೇರಹಳ್ಳಿ ಶಿವಮೂರ್ತಿ
ಸಂತೆಬೆನ್ನೂರು: ಗ್ರಾಮದಲ್ಲಿ ದಿನದಿಂದ ದಿನಕ್ಕೆ ಬೀದಿ ನಾಯಿಗಳ ಹಾವಳಿ ಹೆಚ್ಚಾಗುತ್ತಿದ್ದು ಮಕ್ಕಳು, ವಯೋವೃದ್ಧರು, ಮಹಿಳೆಯರು ಹಾಗೂ ದಾರಿಹೋಕರು ಭಯದಿಂದ ಓಡಾಡುವಂತಾಗಿದೆ. ನಾಯಕರೇರಿ, ಶಾಲಾ ಆವರಣ, ಬಸ್ ನಿಲ್ದಾಣ, ಸಂತೆ ಮೈದಾನ, ಮುಖ್ಯ ರಸ್ತೆಗಳಲ್ಲಿ ಗುಂಪು ಗುಂಪಾಗಿ ನಾಯಿಗಳು ಓಡಾಡುತ್ತಿವೆ. ಶಾಲೆಗೆ ಹೋಗುವ ಮಕ್ಕಳ ಮೇಲೆ ದಾಳಿ ಮಾಡುತ್ತಿವೆ. ರಾತ್ರಿ ವೇಳೆ ವಾಹನ ಸವಾರರನ್ನು ಬೆನ್ನಟ್ಟುತ್ತಿದ್ದು ಅಪಘಾತಗಳಿಗೆ ಕಾರಣವಾಗುತ್ತಿವೆ. ಗ್ರಾಮ ಪಂಚಾಯಿತಿ ಆಡಳಿತ ಕೂಡಲೇ ಕ್ರಮ ಕೈಗೊಂಡು ನಾಯಿಗಳ ಸಂತಾನ ಶಕ್ತಿ ಹರಣ ಚಿಕಿತ್ಸೆ ನಡೆಸಬೇಕು ಎಂಬುದು ಗ್ರಾಮಸ್ಥರ ಒತ್ತಾಯವಾಗಿದೆ.
» ಬೀದಿ ನಾಯಿಗಳ ಸಂಖ್ಯೆ ನಿಯಂತ್ರಣಕ್ಕೆ ಸಂತಾನ ಶಕ್ತಿ ಹರಣ ಶಸ್ತ್ರ ಚಿಕಿತ್ಸೆ ಕೈಗೊಳ್ಳಬೇಕು
» ಗಾಯಗೊಂಡ ಅವುಗಳಿಗೆ ಹಾಗೂ ಹಿಂಸಕ ನಾಯಿಗಳನ್ನು ಹಿಡಿದು ಆಶ್ರಯದಲ್ಲಿರಿಸುವ ವ್ಯವಸ್ಥೆ ಮಾಡಬೇಕು
» ಸಾಕು ನಾಯಿ ಗಳನ್ನು ಬೀದಿ ಪಾಲಾಗುವುದನ್ನು ತಪ್ಪಿಸಲು ಜನರ ಜಾಗೃತಿ ಮೂಡಿಸಬೇಕು
» ಎಲ್ಲೆಂದರಲ್ಲಿ ತ್ಯಾಜ್ಯ ಹಾಕದೆ ಇರುವುದಕ್ಕೆ ಕ್ರಮ ಕೈಗೊಳ್ಳಬೇಕು
ಬೀದಿ ನಾಯಿಗಳ ಹೆಚ್ಚಳದಿಂದ ನಾಗರೀಕರಿಗೆ ತೊಂದರೆ ಬಗ್ಗೆ ದೂರುಗಳು ಬಂದಿದ್ದು, ನಿಯಂತ್ರಣಕ್ಕೆ ಸಂತಾನ ಶಕ್ತಿ ಹರಣ ಚಿಕಿತ್ಸೆ ಒಳಗೊಂಡಂತೆ ಹೆಚ್ಚಿನ ಕಠಿವಾಣ ಹಾಕಲು ಅಧಿಕಾರಿಗಳು ಮತ್ತು ಜನಪ್ರತಿನಿಧಿಗಳು ಚರ್ಚಿಸಲಾಗುವುದು.
■ ಎಂ.ಆರ್.ರುದ್ರೇಶ್, ಗ್ರಾ.ಪಂ ಅಧ್ಯಕ್ಷ
